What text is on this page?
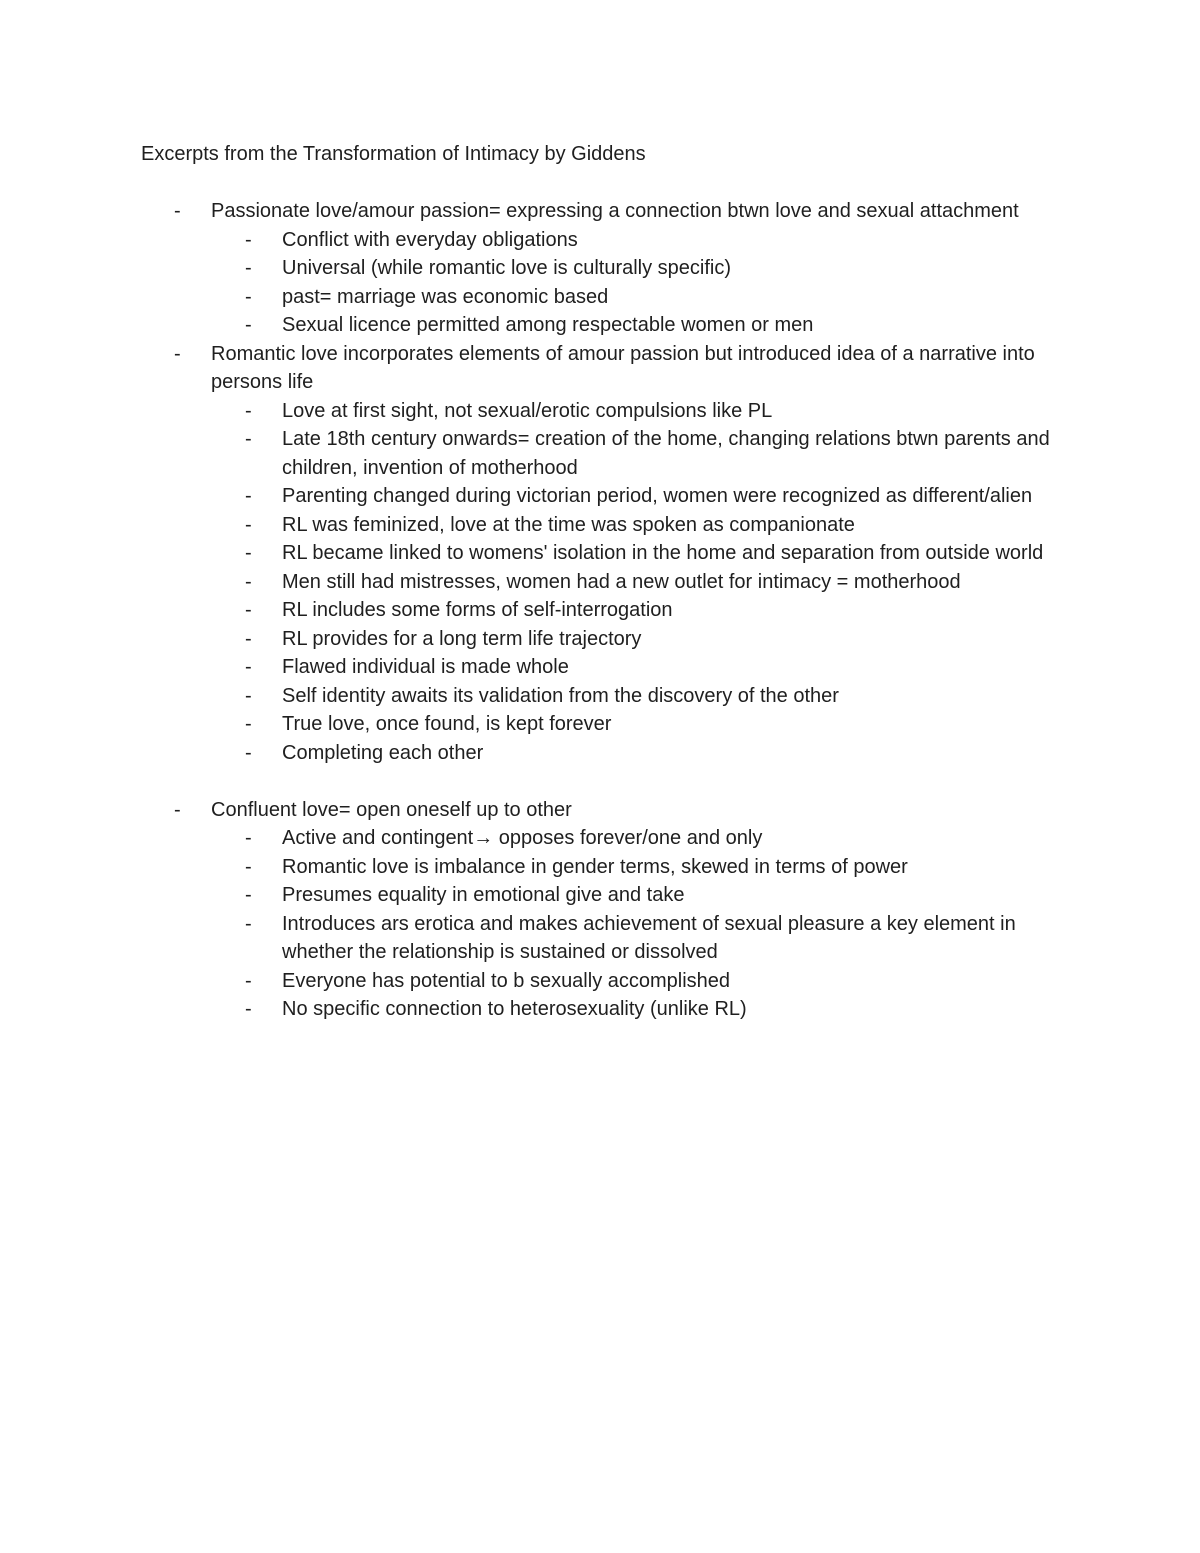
Excerpts from the Transformation of Intimacy by Giddens
-	Passionate love/amour passion= expressing a connection btwn love and sexual attachment
-	Conflict with everyday obligations
-	Universal (while romantic love is culturally specific)
-	past= marriage was economic based
-	Sexual licence permitted among respectable women or men
-	Romantic love incorporates elements of amour passion but introduced idea of a narrative into persons life
-	Love at first sight, not sexual/erotic compulsions like PL
-	Late 18th century onwards= creation of the home, changing relations btwn parents and children, invention of motherhood
-	Parenting changed during victorian period, women were recognized as different/alien
-	RL was feminized, love at the time was spoken as companionate
-	RL became linked to womens' isolation in the home and separation from outside world
-	Men still had mistresses, women had a new outlet for intimacy = motherhood
-	RL includes some forms of self-interrogation
-	RL provides for a long term life trajectory
-	Flawed individual is made whole
-	Self identity awaits its validation from the discovery of the other
-	True love, once found, is kept forever
-	Completing each other
-	Confluent love= open oneself up to other
-	Active and contingent→ opposes forever/one and only
-	Romantic love is imbalance in gender terms, skewed in terms of power
-	Presumes equality in emotional give and take
-	Introduces ars erotica and makes achievement of sexual pleasure a key element in whether the relationship is sustained or dissolved
-	Everyone has potential to b sexually accomplished
-	No specific connection to heterosexuality (unlike RL)
